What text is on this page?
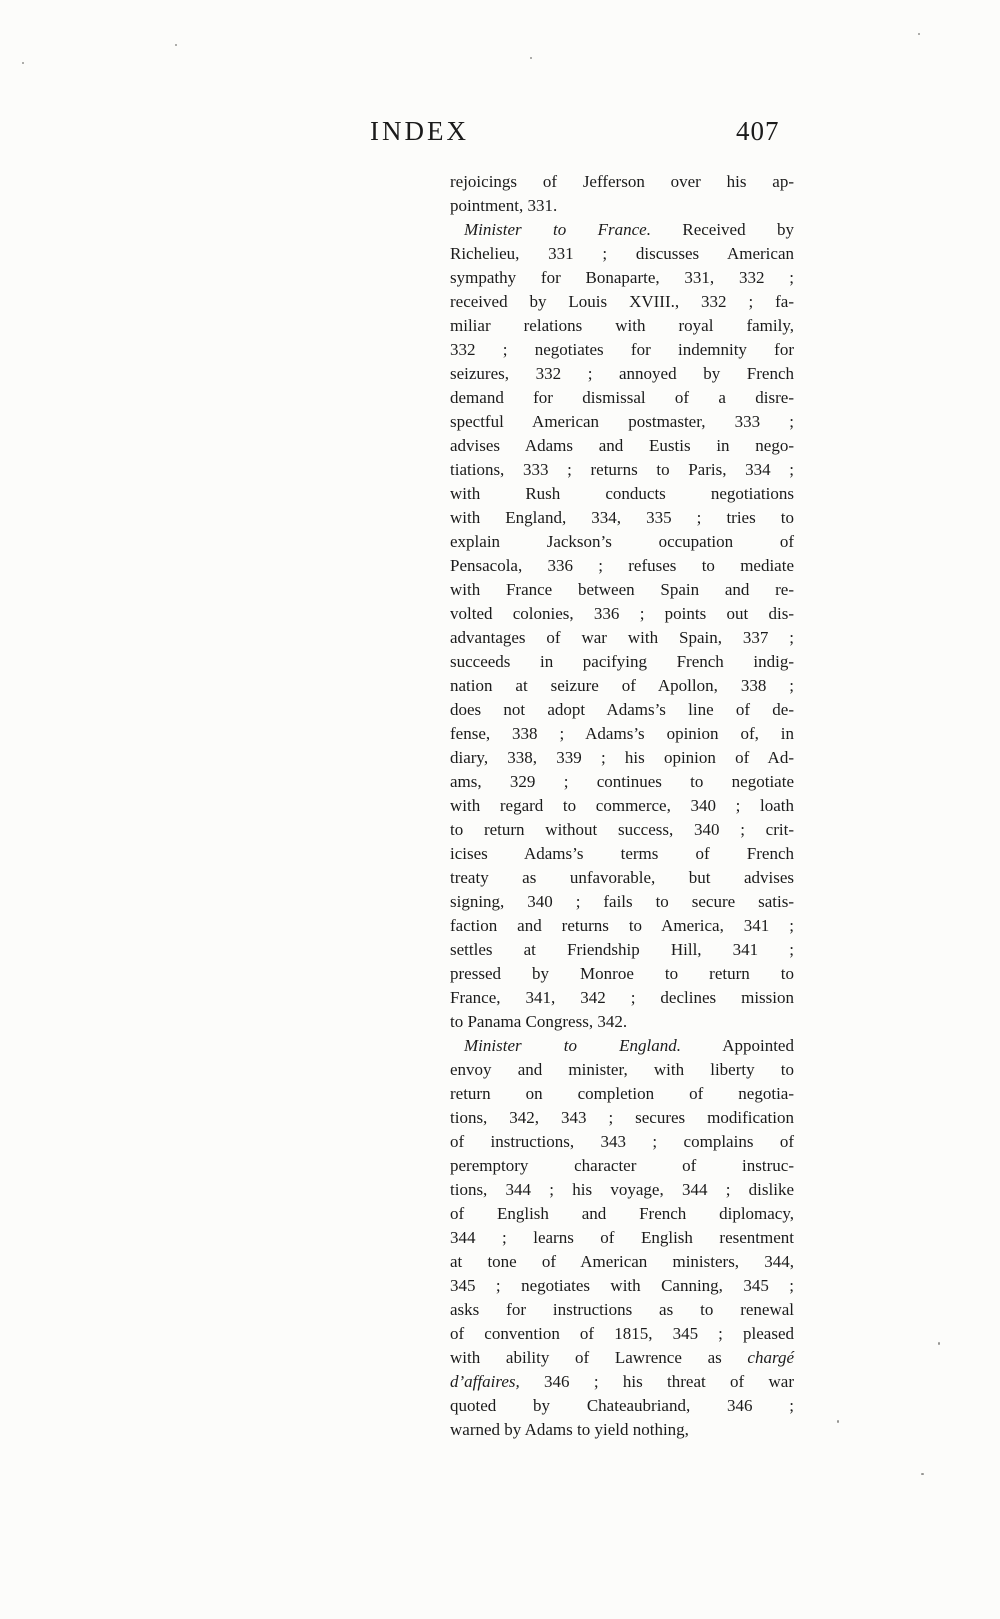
INDEX	407
rejoicings of Jefferson over his ap-
pointment, 331.
Minister to France. Received by
Richelieu, 331 ; discusses American
sympathy for Bonaparte, 331, 332 ;
received by Louis XVIII., 332 ; fa-
miliar relations with royal family,
332 ; negotiates for indemnity for
seizures, 332 ; annoyed by French
demand for dismissal of a disre-
spectful American postmaster, 333 ;
advises Adams and Eustis in nego-
tiations, 333 ; returns to Paris, 334 ;
with Rush conducts negotiations
with England, 334, 335 ; tries to
explain Jackson’s occupation of
Pensacola, 336 ; refuses to mediate
with France between Spain and re-
volted colonies, 336 ; points out dis-
advantages of war with Spain, 337 ;
succeeds in pacifying French indig-
nation at seizure of Apollon, 338 ;
does not adopt Adams’s line of de-
fense, 338 ; Adams’s opinion of, in
diary, 338, 339 ; his opinion of Ad-
ams, 329 ; continues to negotiate
with regard to commerce, 340 ; loath
to return without success, 340 ; crit-
icises Adams’s terms of French
treaty as unfavorable, but advises
signing, 340 ; fails to secure satis-
faction and returns to America, 341 ;
settles at Friendship Hill, 341 ;
pressed by Monroe to return to
France, 341, 342 ; declines mission
to Panama Congress, 342.
Minister to England. Appointed
envoy and minister, with liberty to
return on completion of negotia-
tions, 342, 343 ; secures modification
of instructions, 343 ; complains of
peremptory character of instruc-
tions, 344 ; his voyage, 344 ; dislike
of English and French diplomacy,
344 ; learns of English resentment
at tone of American ministers, 344,
345 ; negotiates with Canning, 345 ;
asks for instructions as to renewal
of convention of 1815, 345 ; pleased
with ability of Lawrence as chargé
d’affaires, 346 ; his threat of war
quoted by Chateaubriand, 346 ;
warned by Adams to yield nothing,
